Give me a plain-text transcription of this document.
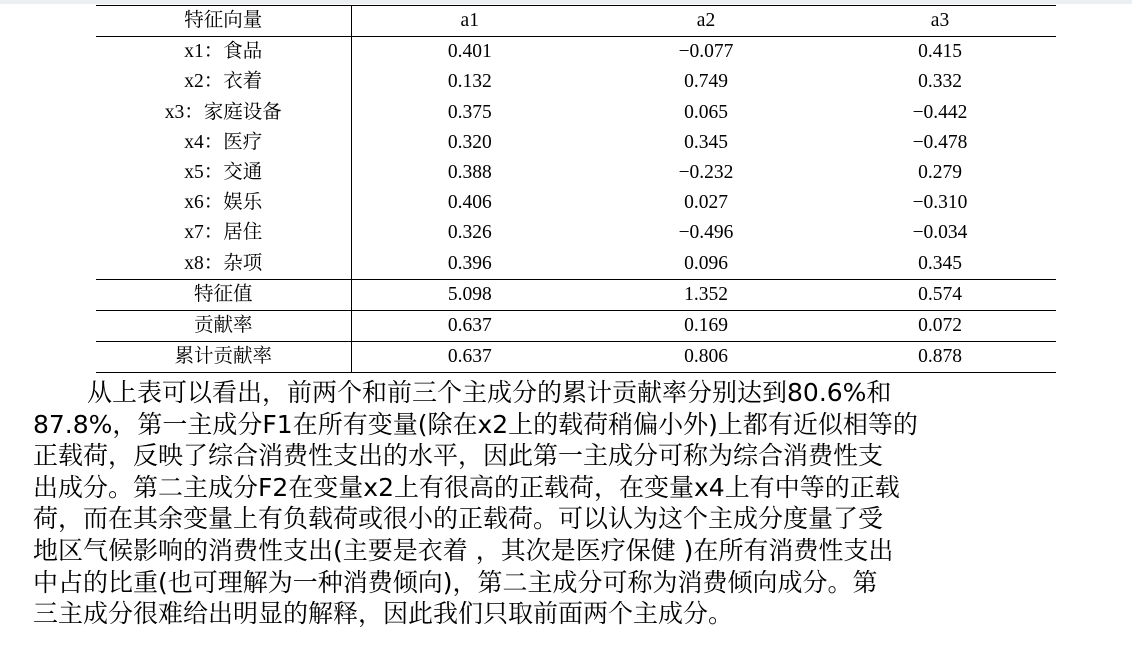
特征向量	a1	a2	a3
x1：食品	0.401	−0.077	0.415
x2：衣着	0.132	0.749	0.332
x3：家庭设备	0.375	0.065	−0.442
x4：医疗	0.320	0.345	−0.478
x5：交通	0.388	−0.232	0.279
x6：娱乐	0.406	0.027	−0.310
x7：居住	0.326	−0.496	−0.034
x8：杂项	0.396	0.096	0.345
特征值	5.098	1.352	0.574
贡献率	0.637	0.169	0.072
累计贡献率	0.637	0.806	0.878

从上表可以看出，前两个和前三个主成分的累计贡献率分别达到80.6%和
87.8%，第一主成分F1在所有变量(除在x2上的载荷稍偏小外)上都有近似相等的
正载荷，反映了综合消费性支出的水平，因此第一主成分可称为综合消费性支
出成分。第二主成分F2在变量x2上有很高的正载荷，在变量x4上有中等的正载
荷，而在其余变量上有负载荷或很小的正载荷。可以认为这个主成分度量了受
地区气候影响的消费性支出(主要是衣着 ，其次是医疗保健 )在所有消费性支出
中占的比重(也可理解为一种消费倾向)，第二主成分可称为消费倾向成分。第
三主成分很难给出明显的解释，因此我们只取前面两个主成分。
